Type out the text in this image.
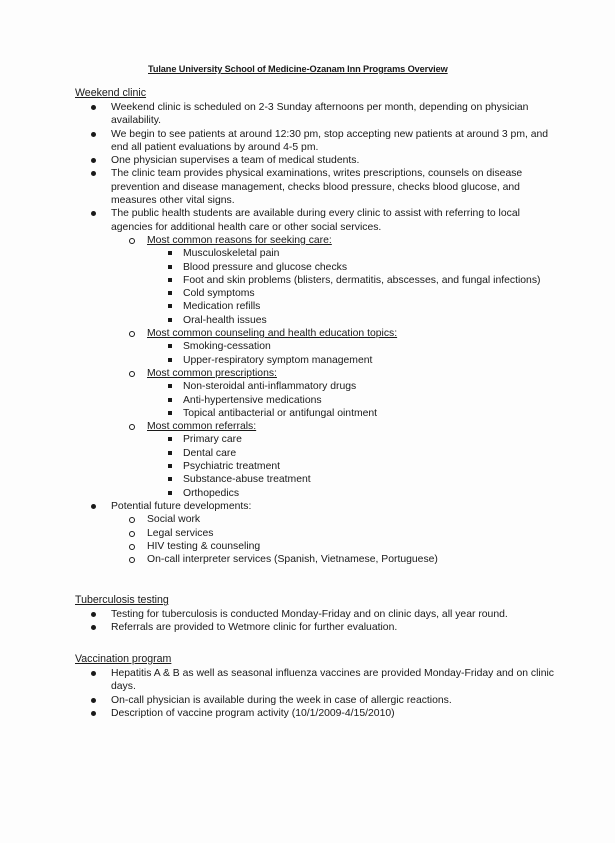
Tulane University School of Medicine-Ozanam Inn Programs Overview
Weekend clinic
Weekend clinic is scheduled on 2-3 Sunday afternoons per month, depending on physician availability.
We begin to see patients at around 12:30 pm, stop accepting new patients at around 3 pm, and end all patient evaluations by around 4-5 pm.
One physician supervises a team of medical students.
The clinic team provides physical examinations, writes prescriptions, counsels on disease prevention and disease management, checks blood pressure, checks blood glucose, and measures other vital signs.
The public health students are available during every clinic to assist with referring to local agencies for additional health care or other social services.
Most common reasons for seeking care:
Musculoskeletal pain
Blood pressure and glucose checks
Foot and skin problems (blisters, dermatitis, abscesses, and fungal infections)
Cold symptoms
Medication refills
Oral-health issues
Most common counseling and health education topics:
Smoking-cessation
Upper-respiratory symptom management
Most common prescriptions:
Non-steroidal anti-inflammatory drugs
Anti-hypertensive medications
Topical antibacterial or antifungal ointment
Most common referrals:
Primary care
Dental care
Psychiatric treatment
Substance-abuse treatment
Orthopedics
Potential future developments:
Social work
Legal services
HIV testing & counseling
On-call interpreter services (Spanish, Vietnamese, Portuguese)
Tuberculosis testing
Testing for tuberculosis is conducted Monday-Friday and on clinic days, all year round.
Referrals are provided to Wetmore clinic for further evaluation.
Vaccination program
Hepatitis A & B as well as seasonal influenza vaccines are provided Monday-Friday and on clinic days.
On-call physician is available during the week in case of allergic reactions.
Description of vaccine program activity (10/1/2009-4/15/2010)
